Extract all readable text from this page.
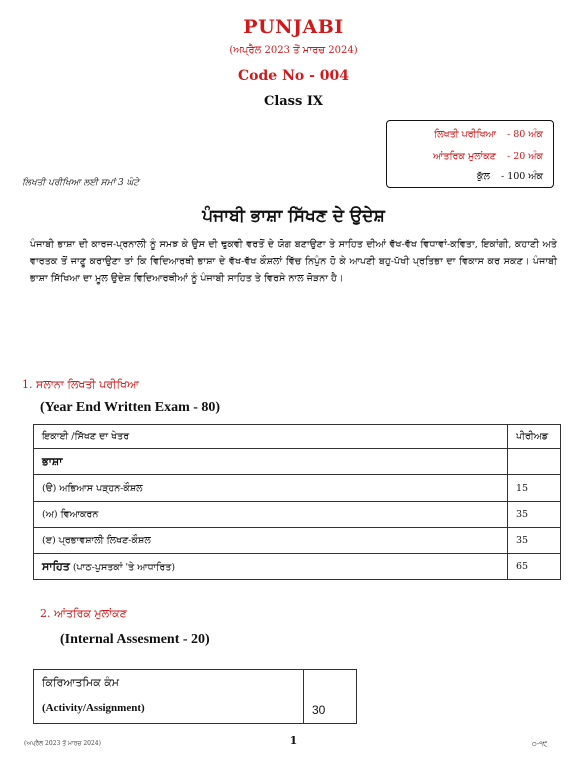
PUNJABI
(ਅਪ੍ਰੈਲ 2023 ਤੋਂ ਮਾਰਚ 2024)
Code No - 004
Class IX
ਲਿਖਤੀ ਪਰੀਖਿਆ - 80 ਅੰਕ
ਆਂਤਰਿਕ ਮੁਲਾਂਕਣ - 20 ਅੰਕ
ਕੁੱਲ - 100 ਅੰਕ
ਲਿਖਤੀ ਪਰੀਖਿਆ ਲਈ ਸਮਾਂ 3 ਘੰਟੇ
ਪੰਜਾਬੀ ਭਾਸ਼ਾ ਸਿੱਖਣ ਦੇ ਉਦੇਸ਼
ਪੰਜਾਬੀ ਭਾਸ਼ਾ ਦੀ ਕਾਰਜ-ਪ੍ਰਨਾਲੀ ਨੂੰ ਸਮਝ ਕੇ ਉਸ ਦੀ ਢੁਕਵੀ ਵਰਤੋਂ ਦੇ ਯੋਗ ਬਣਾਉਣਾ ਤੇ ਸਾਹਿਤ ਦੀਆਂ ਵੱਖ-ਵੱਖ ਵਿਧਾਵਾਂ-ਕਵਿਤਾ, ਇਕਾਂਗੀ, ਕਹਾਣੀ ਅਤੇ ਵਾਰਤਕ ਤੋਂ ਜਾਣੂ ਕਰਾਉਣਾ ਤਾਂ ਕਿ ਵਿਦਿਆਰਥੀ ਭਾਸ਼ਾ ਦੇ ਵੱਖ-ਵੱਖ ਕੌਸ਼ਲਾਂ ਵਿੱਚ ਨਿਪੁੰਨ ਹੋ ਕੇ ਆਪਣੀ ਬਹੁ-ਪੱਖੀ ਪ੍ਰਤਿਭਾ ਦਾ ਵਿਕਾਸ ਕਰ ਸਕਣ। ਪੰਜਾਬੀ ਭਾਸ਼ਾ ਸਿੱਖਿਆ ਦਾ ਮੂਲ ਉਦੇਸ਼ ਵਿਦਿਆਰਥੀਆਂ ਨੂੰ ਪੰਜਾਬੀ ਸਾਹਿਤ ਤੇ ਵਿਰਸੇ ਨਾਲ ਜੋੜਨਾ ਹੈ।
1. ਸਲਾਨਾ ਲਿਖਤੀ ਪਰੀਖਿਆ
(Year End Written Exam - 80)
ਇਕਾਈ /ਸਿੱਖਣ ਦਾ ਖੇਤਰ	ਪੀਰੀਅਡ
ਭਾਸ਼ਾ	
(ੳ) ਅਭਿਆਸ ਪੜ੍ਹਨ-ਕੌਸ਼ਲ	15
(ਅ) ਵਿਆਕਰਨ	35
(ੲ) ਪ੍ਰਭਾਵਸ਼ਾਲੀ ਲਿਖਣ-ਕੌਸ਼ਲ	35
ਸਾਹਿਤ (ਪਾਠ-ਪੁਸਤਕਾਂ 'ਤੇ ਆਧਾਰਿਤ)	65
2. ਆਂਤਰਿਕ ਮੁਲਾਂਕਣ
(Internal Assesment - 20)
ਕਿਰਿਆਤਮਿਕ ਕੰਮ
(Activity/Assignment)	30
(ਅਪ੍ਰੈਲ 2023 ਤੋਂ ਮਾਰਚ 2024)	1	੦-੧੯
